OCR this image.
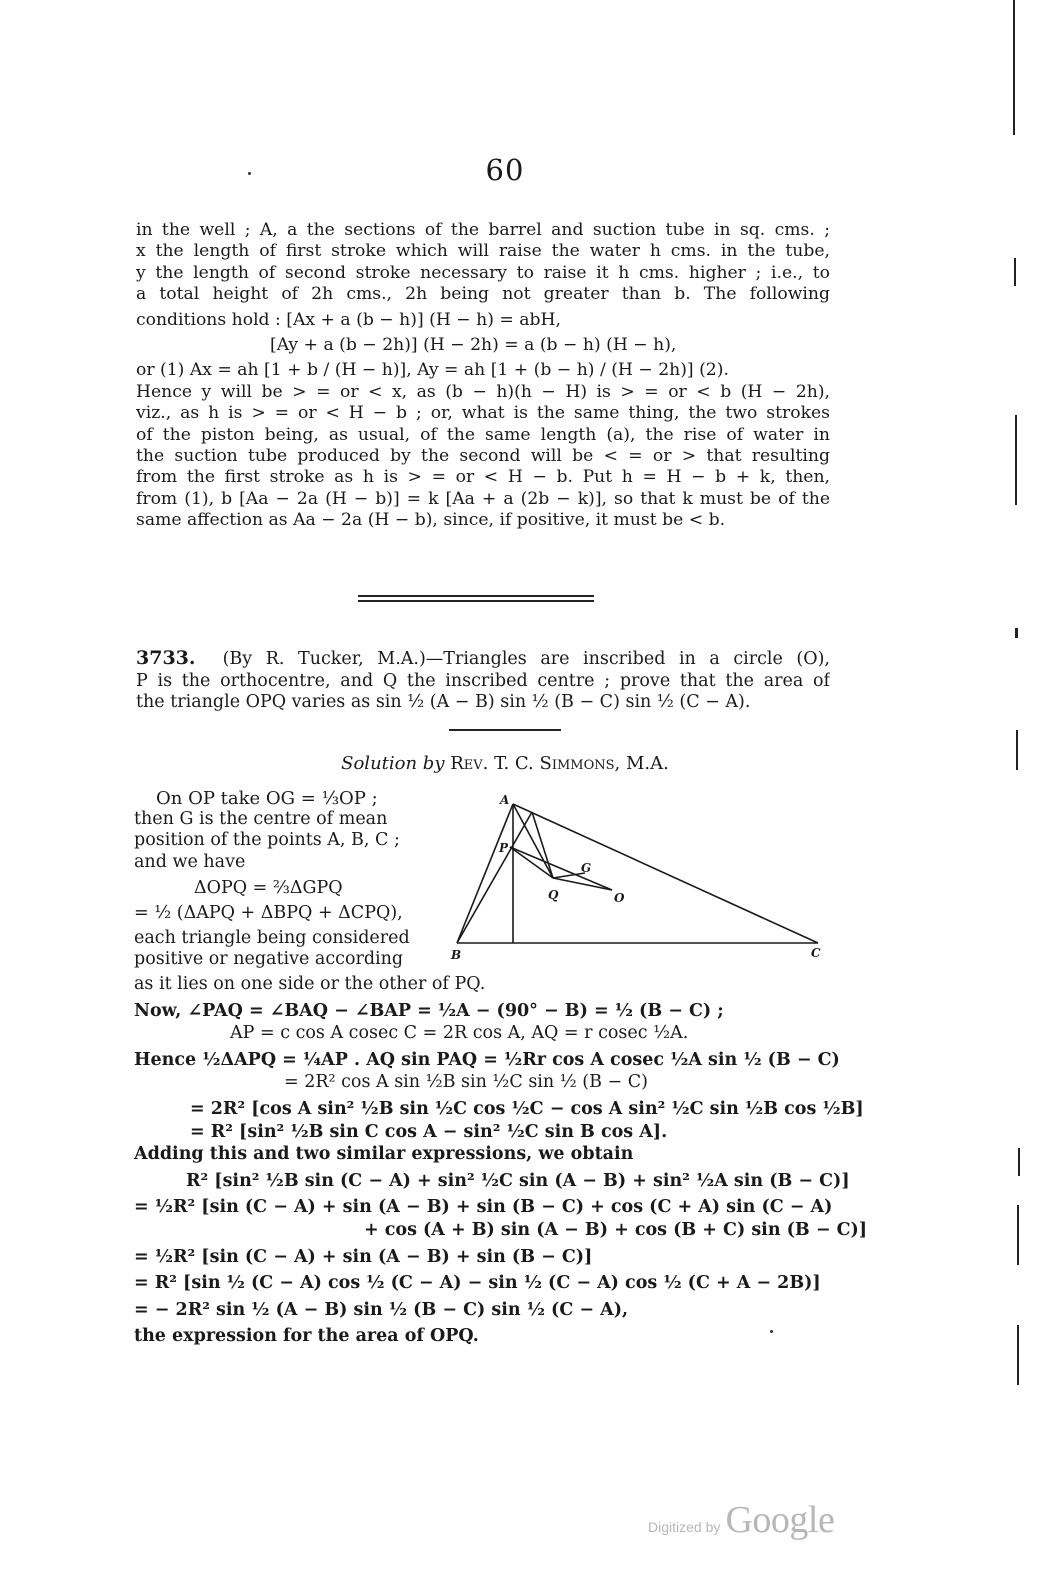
60
in the well ; A, a the sections of the barrel and suction tube in sq. cms. ;
x the length of first stroke which will raise the water h cms. in the tube,
y the length of second stroke necessary to raise it h cms. higher ; i.e., to
a total height of 2h cms., 2h being not greater than b. The following
conditions hold : [Ax + a (b − h)] (H − h) = abH,
[Ay + a (b − 2h)] (H − 2h) = a (b − h) (H − h),
or (1) Ax = ah [1 + b / (H − h)], Ay = ah [1 + (b − h) / (H − 2h)] (2).
Hence y will be > = or < x, as (b − h)(h − H) is > = or < b (H − 2h),
viz., as h is > = or < H − b ; or, what is the same thing, the two strokes
of the piston being, as usual, of the same length (a), the rise of water in
the suction tube produced by the second will be < = or > that resulting
from the first stroke as h is > = or < H − b. Put h = H − b + k, then,
from (1), b [Aa − 2a (H − b)] = k [Aa + a (2b − k)], so that k must be of the
same affection as Aa − 2a (H − b), since, if positive, it must be < b.
3733. (By R. Tucker, M.A.)—Triangles are inscribed in a circle (O),
P is the orthocentre, and Q the inscribed centre ; prove that the area of
the triangle OPQ varies as sin ½ (A − B) sin ½ (B − C) sin ½ (C − A).
Solution by Rev. T. C. Simmons, M.A.
On OP take OG = ⅓OP ;
then G is the centre of mean
position of the points A, B, C ;
and we have
ΔOPQ = ⅔ΔGPQ
= ½ (ΔAPQ + ΔBPQ + ΔCPQ),
each triangle being considered
positive or negative according
A
P
Q
G
O
B	C
as it lies on one side or the other of PQ.
Now, ∠PAQ = ∠BAQ − ∠BAP = ½A − (90° − B) = ½ (B − C) ;
AP = c cos A cosec C = 2R cos A, AQ = r cosec ½A.
Hence ½ΔAPQ = ¼AP . AQ sin PAQ = ½Rr cos A cosec ½A sin ½ (B − C)
= 2R² cos A sin ½B sin ½C sin ½ (B − C)
= 2R² [cos A sin² ½B sin ½C cos ½C − cos A sin² ½C sin ½B cos ½B]
= R² [sin² ½B sin C cos A − sin² ½C sin B cos A].
Adding this and two similar expressions, we obtain
R² [sin² ½B sin (C − A) + sin² ½C sin (A − B) + sin² ½A sin (B − C)]
= ½R² [sin (C − A) + sin (A − B) + sin (B − C) + cos (C + A) sin (C − A)
+ cos (A + B) sin (A − B) + cos (B + C) sin (B − C)]
= ½R² [sin (C − A) + sin (A − B) + sin (B − C)]
= R² [sin ½ (C − A) cos ½ (C − A) − sin ½ (C − A) cos ½ (C + A − 2B)]
= − 2R² sin ½ (A − B) sin ½ (B − C) sin ½ (C − A),
the expression for the area of OPQ.
Digitized by Google
